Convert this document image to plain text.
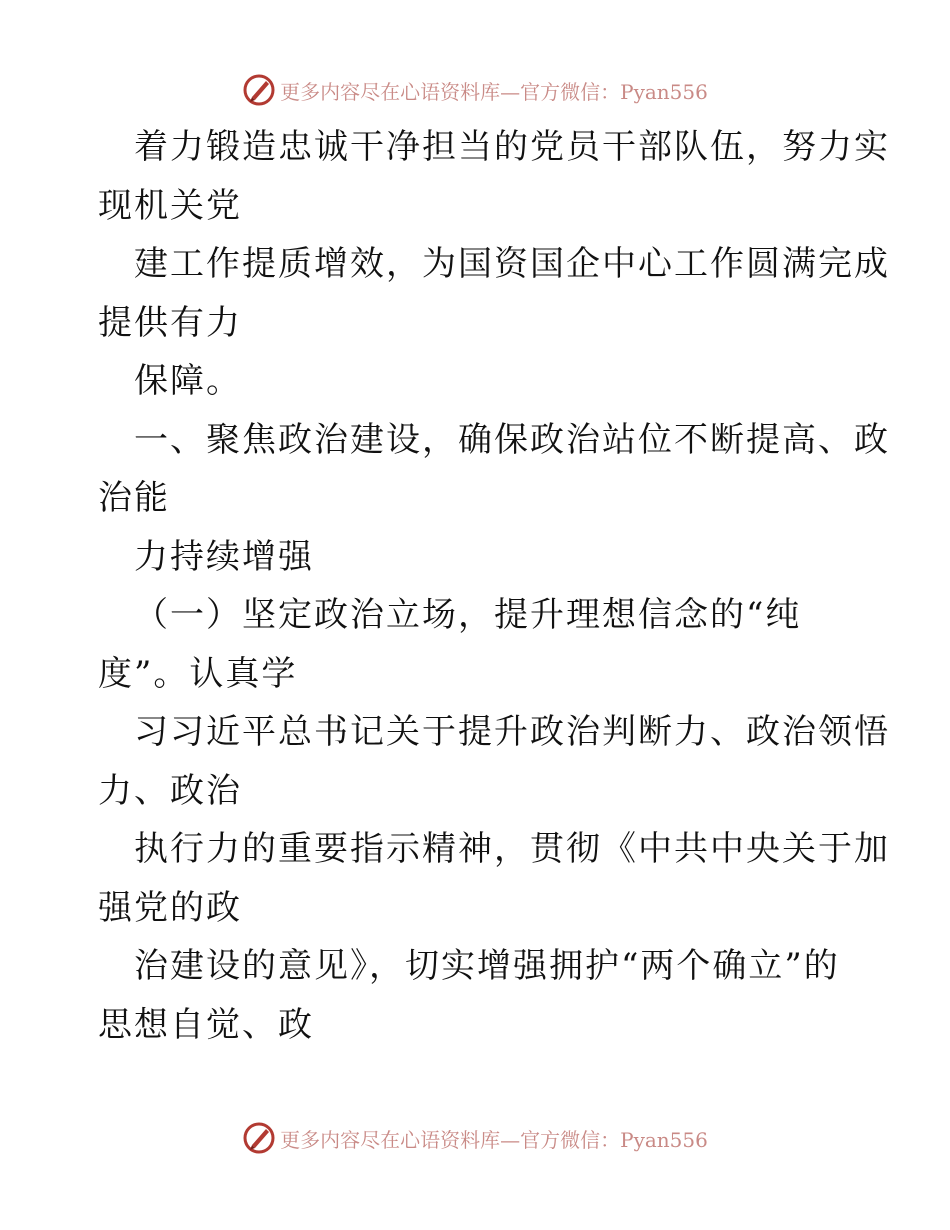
更多内容尽在心语资料库— 官方微信：Pyan556
着力锻造忠诚干净担当的党员干部队伍，努力实
现机关党
建工作提质增效，为国资国企中心工作圆满完成
提供有力
保障。
一、聚焦政治建设，确保政治站位不断提高、政
治能
力持续增强
（一）坚定政治立场，提升理想信念的“纯
度”。认真学
习习近平总书记关于提升政治判断力、政治领悟
力、政治
执行力的重要指示精神，贯彻《中共中央关于加
强党的政
治建设的意见》，切实增强拥护“两个确立”的
思想自觉、政
更多内容尽在心语资料库— 官方微信：Pyan556
